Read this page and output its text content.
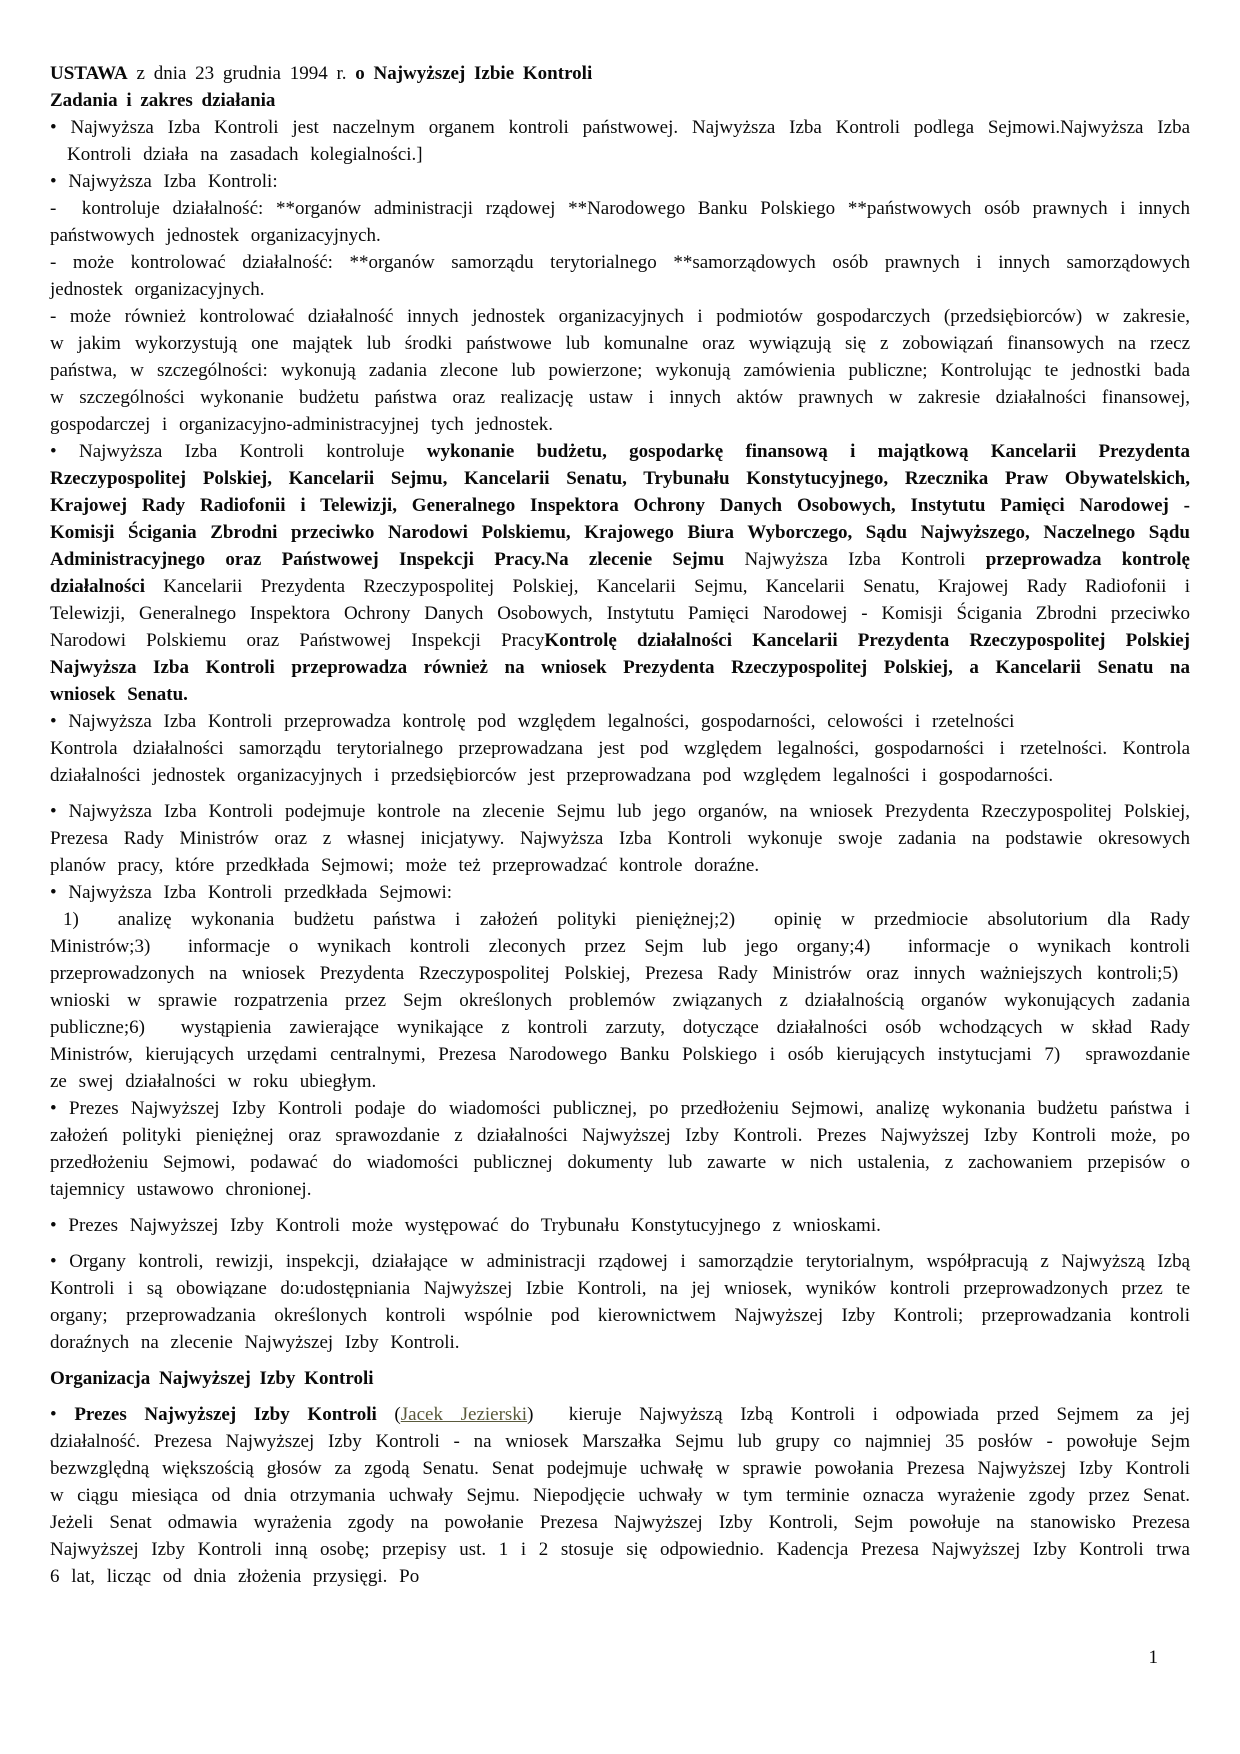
USTAWA z dnia 23 grudnia 1994 r. o Najwyższej Izbie Kontroli
Zadania i zakres działania
• Najwyższa Izba Kontroli jest naczelnym organem kontroli państwowej. Najwyższa Izba Kontroli podlega Sejmowi.Najwyższa Izba Kontroli działa na zasadach kolegialności.]
• Najwyższa Izba Kontroli:
-  kontroluje działalność: **organów administracji rządowej **Narodowego Banku Polskiego **państwowych osób prawnych i innych państwowych jednostek organizacyjnych.
- może kontrolować działalność: **organów samorządu terytorialnego **samorządowych osób prawnych i innych samorządowych jednostek organizacyjnych.
- może również kontrolować działalność innych jednostek organizacyjnych i podmiotów gospodarczych (przedsiębiorców) w zakresie, w jakim wykorzystują one majątek lub środki państwowe lub komunalne oraz wywiązują się z zobowiązań finansowych na rzecz państwa, w szczególności: wykonują zadania zlecone lub powierzone; wykonują zamówienia publiczne; Kontrolując te jednostki bada w szczególności wykonanie budżetu państwa oraz realizację ustaw i innych aktów prawnych w zakresie działalności finansowej, gospodarczej i organizacyjno-administracyjnej tych jednostek.
• Najwyższa Izba Kontroli kontroluje wykonanie budżetu, gospodarkę finansową i majątkową Kancelarii Prezydenta Rzeczypospolitej Polskiej, Kancelarii Sejmu, Kancelarii Senatu, Trybunału Konstytucyjnego, Rzecznika Praw Obywatelskich, Krajowej Rady Radiofonii i Telewizji, Generalnego Inspektora Ochrony Danych Osobowych, Instytutu Pamięci Narodowej - Komisji Ścigania Zbrodni przeciwko Narodowi Polskiemu, Krajowego Biura Wyborczego, Sądu Najwyższego, Naczelnego Sądu Administracyjnego oraz Państwowej Inspekcji Pracy.Na zlecenie Sejmu Najwyższa Izba Kontroli przeprowadza kontrolę działalności Kancelarii Prezydenta Rzeczypospolitej Polskiej, Kancelarii Sejmu, Kancelarii Senatu, Krajowej Rady Radiofonii i Telewizji, Generalnego Inspektora Ochrony Danych Osobowych, Instytutu Pamięci Narodowej - Komisji Ścigania Zbrodni przeciwko Narodowi Polskiemu oraz Państwowej Inspekcji PracyKontrolę działalności Kancelarii Prezydenta Rzeczypospolitej Polskiej Najwyższa Izba Kontroli przeprowadza również na wniosek Prezydenta Rzeczypospolitej Polskiej, a Kancelarii Senatu na wniosek Senatu.
• Najwyższa Izba Kontroli przeprowadza kontrolę pod względem legalności, gospodarności, celowości i rzetelności
Kontrola działalności samorządu terytorialnego przeprowadzana jest pod względem legalności, gospodarności i rzetelności. Kontrola działalności jednostek organizacyjnych i przedsiębiorców jest przeprowadzana pod względem legalności i gospodarności.
• Najwyższa Izba Kontroli podejmuje kontrole na zlecenie Sejmu lub jego organów, na wniosek Prezydenta Rzeczypospolitej Polskiej, Prezesa Rady Ministrów oraz z własnej inicjatywy. Najwyższa Izba Kontroli wykonuje swoje zadania na podstawie okresowych planów pracy, które przedkłada Sejmowi; może też przeprowadzać kontrole doraźne.
• Najwyższa Izba Kontroli przedkłada Sejmowi:
1)  analizę wykonania budżetu państwa i założeń polityki pieniężnej;2)  opinię w przedmiocie absolutorium dla Rady Ministrów;3)  informacje o wynikach kontroli zleconych przez Sejm lub jego organy;4)  informacje o wynikach kontroli przeprowadzonych na wniosek Prezydenta Rzeczypospolitej Polskiej, Prezesa Rady Ministrów oraz innych ważniejszych kontroli;5)  wnioski w sprawie rozpatrzenia przez Sejm określonych problemów związanych z działalnością organów wykonujących zadania publiczne;6)  wystąpienia zawierające wynikające z kontroli zarzuty, dotyczące działalności osób wchodzących w skład Rady Ministrów, kierujących urzędami centralnymi, Prezesa Narodowego Banku Polskiego i osób kierujących instytucjami 7)  sprawozdanie ze swej działalności w roku ubiegłym.
• Prezes Najwyższej Izby Kontroli podaje do wiadomości publicznej, po przedłożeniu Sejmowi, analizę wykonania budżetu państwa i założeń polityki pieniężnej oraz sprawozdanie z działalności Najwyższej Izby Kontroli. Prezes Najwyższej Izby Kontroli może, po przedłożeniu Sejmowi, podawać do wiadomości publicznej dokumenty lub zawarte w nich ustalenia, z zachowaniem przepisów o tajemnicy ustawowo chronionej.
• Prezes Najwyższej Izby Kontroli może występować do Trybunału Konstytucyjnego z wnioskami.
• Organy kontroli, rewizji, inspekcji, działające w administracji rządowej i samorządzie terytorialnym, współpracują z Najwyższą Izbą Kontroli i są obowiązane do:udostępniania Najwyższej Izbie Kontroli, na jej wniosek, wyników kontroli przeprowadzonych przez te organy; przeprowadzania określonych kontroli wspólnie pod kierownictwem Najwyższej Izby Kontroli; przeprowadzania kontroli doraźnych na zlecenie Najwyższej Izby Kontroli.
Organizacja Najwyższej Izby Kontroli
• Prezes Najwyższej Izby Kontroli (Jacek Jezierski)  kieruje Najwyższą Izbą Kontroli i odpowiada przed Sejmem za jej działalność. Prezesa Najwyższej Izby Kontroli - na wniosek Marszałka Sejmu lub grupy co najmniej 35 posłów - powołuje Sejm bezwzględną większością głosów za zgodą Senatu. Senat podejmuje uchwałę w sprawie powołania Prezesa Najwyższej Izby Kontroli w ciągu miesiąca od dnia otrzymania uchwały Sejmu. Niepodjęcie uchwały w tym terminie oznacza wyrażenie zgody przez Senat. Jeżeli Senat odmawia wyrażenia zgody na powołanie Prezesa Najwyższej Izby Kontroli, Sejm powołuje na stanowisko Prezesa Najwyższej Izby Kontroli inną osobę; przepisy ust. 1 i 2 stosuje się odpowiednio. Kadencja Prezesa Najwyższej Izby Kontroli trwa 6 lat, licząc od dnia złożenia przysięgi. Po
1
